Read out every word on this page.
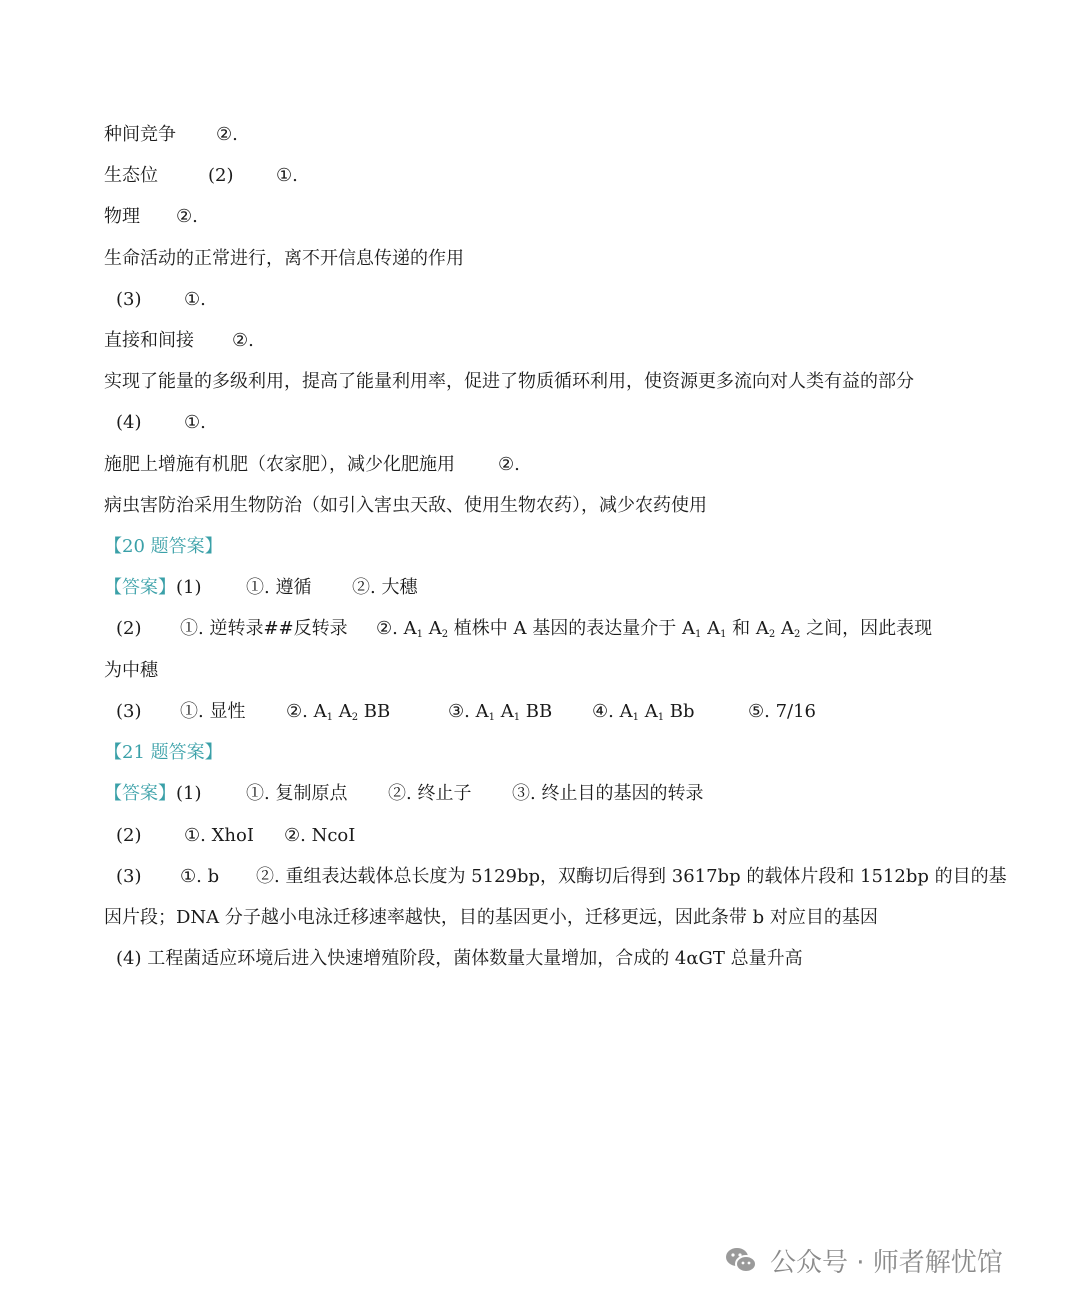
种间竞争 ②.
生态位	(2) ①.
物理 ②.
生命活动的正常进行，离不开信息传递的作用
(3) ①.
直接和间接 ②.
实现了能量的多级利用，提高了能量利用率，促进了物质循环利用，使资源更多流向对人类有益的部分
(4) ①.
施肥上增施有机肥（农家肥），减少化肥施用 ②.
病虫害防治采用生物防治（如引入害虫天敌、使用生物农药），减少农药使用
【20 题答案】
【答案】 (1) ①. 遵循 ②. 大穗
(2) ①. 逆转录##反转录 ②. $A_1$ $A_2$ 植株中 A 基因的表达量介于 $A_1$ $A_1$ 和 $A_2$ $A_2$ 之间，因此表现
为中穗
(3) ①. 显性 ②. $A_1$ $A_2$ BB	③. $A_1$ $A_1$ BB ④. $A_1$ $A_1$ Bb	⑤. 7/16
【21 题答案】
【答案】 (1) ①. 复制原点 ②. 终止子 ③. 终止目的基因的转录
(2) ①. XhoI ②. NcoI
(3) ①. b ②. 重组表达载体总长度为 5129bp，双酶切后得到 3617bp 的载体片段和 1512bp 的目的基
因片段；DNA 分子越小电泳迁移速率越快，目的基因更小，迁移更远，因此条带 b 对应目的基因
(4) 工程菌适应环境后进入快速增殖阶段，菌体数量大量增加，合成的 4αGT 总量升高
公众号 · 师者解忧馆
